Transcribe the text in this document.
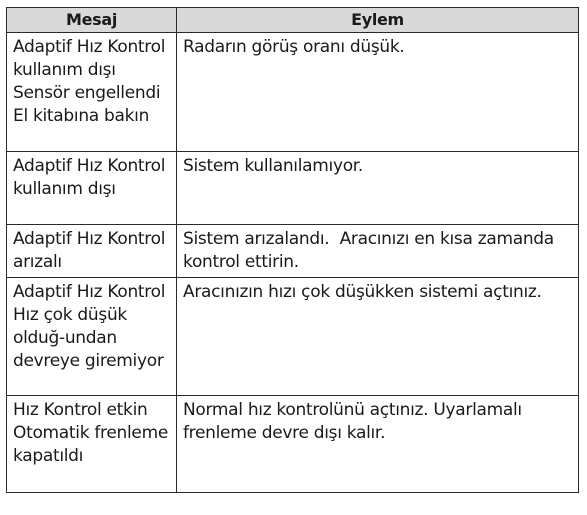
Mesaj	Eylem
Adaptif Hız Kontrol kullanım dışı Sensör engellendi El kitabına bakın	Radarın görüş oranı düşük.
Adaptif Hız Kontrol kullanım dışı	Sistem kullanılamıyor.
Adaptif Hız Kontrol arızalı	Sistem arızalandı.  Aracınızı en kısa zamanda kontrol ettirin.
Adaptif Hız Kontrol Hız çok düşük olduğ-undan devreye giremiyor	Aracınızın hızı çok düşükken sistemi açtınız.
Hız Kontrol etkin Otomatik frenleme kapatıldı	Normal hız kontrolünü açtınız. Uyarlamalı frenleme devre dışı kalır.
